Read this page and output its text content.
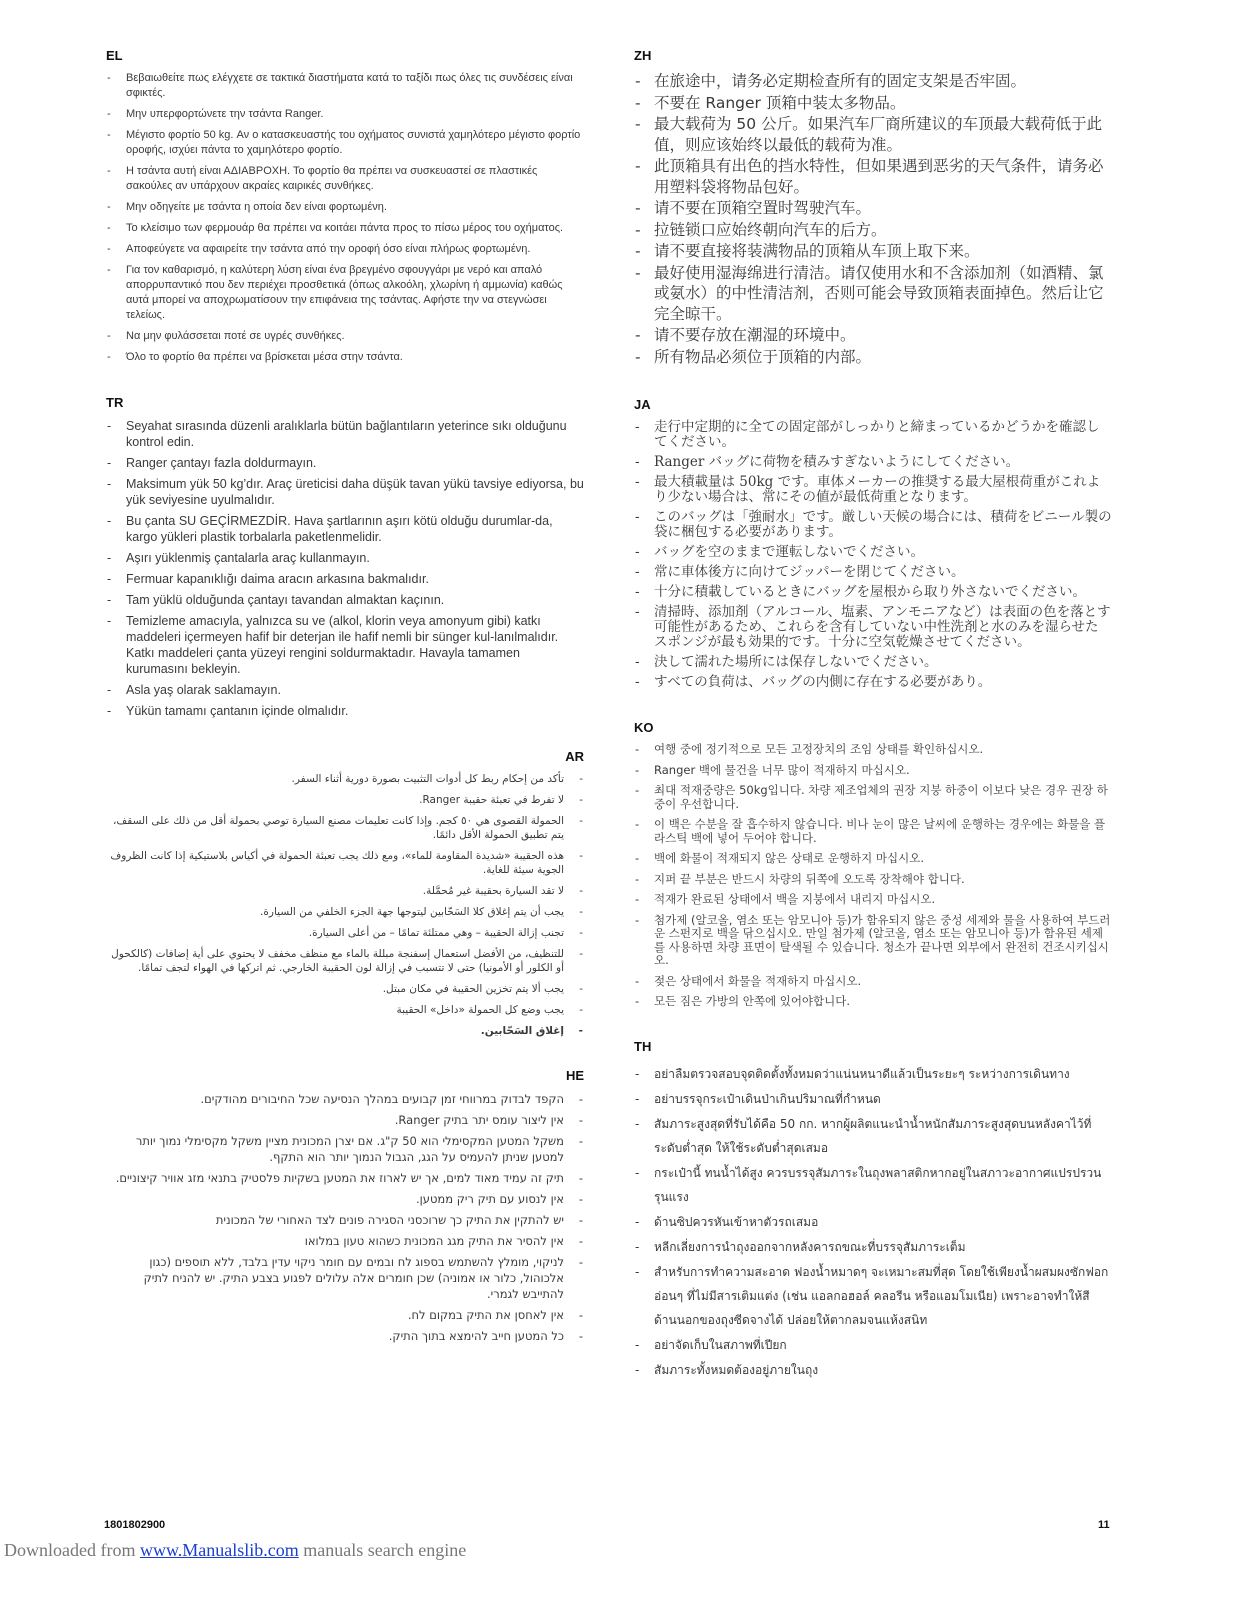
EL
- Βεβαιωθείτε πως ελέγχετε σε τακτικά διαστήματα κατά το ταξίδι πως όλες τις συνδέσεις είναι σφικτές.
- Μην υπερφορτώνετε την τσάντα Ranger.
- Μέγιστο φορτίο 50 kg. Αν ο κατασκευαστής του οχήματος συνιστά χαμηλότερο μέγιστο φορτίο οροφής, ισχύει πάντα το χαμηλότερο φορτίο.
- Η τσάντα αυτή είναι ΑΔΙΑΒΡΟΧΗ. Το φορτίο θα πρέπει να συσκευαστεί σε πλαστικές σακούλες αν υπάρχουν ακραίες καιρικές συνθήκες.
- Μην οδηγείτε με τσάντα η οποία δεν είναι φορτωμένη.
- Το κλείσιμο των φερμουάρ θα πρέπει να κοιτάει πάντα προς το πίσω μέρος του οχήματος.
- Αποφεύγετε να αφαιρείτε την τσάντα από την οροφή όσο είναι πλήρως φορτωμένη.
- Για τον καθαρισμό, η καλύτερη λύση είναι ένα βρεγμένο σφουγγάρι με νερό και απαλό απορρυπαντικό που δεν περιέχει προσθετικά (όπως αλκοόλη, χλωρίνη ή αμμωνία) καθώς αυτά μπορεί να αποχρωματίσουν την επιφάνεια της τσάντας. Αφήστε την να στεγνώσει τελείως.
- Να μην φυλάσσεται ποτέ σε υγρές συνθήκες.
- Όλο το φορτίο θα πρέπει να βρίσκεται μέσα στην τσάντα.
TR
- Seyahat sırasında düzenli aralıklarla bütün bağlantıların yeterince sıkı olduğunu kontrol edin.
- Ranger çantayı fazla doldurmayın.
- Maksimum yük 50 kg’dır. Araç üreticisi daha düşük tavan yükü tavsiye ediyorsa, bu yük seviyesine uyulmalıdır.
- Bu çanta SU GEÇİRMEZDİR. Hava şartlarının aşırı kötü olduğu durumlar-da, kargo yükleri plastik torbalarla paketlenmelidir.
- Aşırı yüklenmiş çantalarla araç kullanmayın.
- Fermuar kapanıklığı daima aracın arkasına bakmalıdır.
- Tam yüklü olduğunda çantayı tavandan almaktan kaçının.
- Temizleme amacıyla, yalnızca su ve (alkol, klorin veya amonyum gibi) katkı maddeleri içermeyen hafif bir deterjan ile hafif nemli bir sünger kul-lanılmalıdır. Katkı maddeleri çanta yüzeyi rengini soldurmaktadır. Havayla tamamen kurumasını bekleyin.
- Asla yaş olarak saklamayın.
- Yükün tamamı çantanın içinde olmalıdır.
AR
- تأكد من إحكام ربط كل أدوات التثبيت بصورة دورية أثناء السفر.
- لا تفرط في تعبئة حقيبة Ranger.
- الحمولة القصوى هي ٥٠ كجم. وإذا كانت تعليمات مصنع السيارة توصي بحمولة أقل من ذلك على السقف، يتم تطبيق الحمولة الأقل دائمًا.
- هذه الحقيبة «شديدة المقاومة للماء»، ومع ذلك يجب تعبئة الحمولة في أكياس بلاستيكية إذا كانت الظروف الجوية سيئة للغاية.
- لا تقد السيارة بحقيبة غير مُحمَّلة.
- يجب أن يتم إغلاق كلا السَحّابين ليتوجها جهة الجزء الخلفي من السيارة.
- تجنب إزالة الحقيبة – وهي ممتلئة تمامًا – من أعلى السيارة.
- للتنظيف، من الأفضل استعمال إسفنجة مبللة بالماء مع منظف مخفف لا يحتوي على أية إضافات (كالكحول أو الكلور أو الأمونيا) حتى لا تتسبب في إزالة لون الحقيبة الخارجي. ثم اتركها في الهواء لتجف تمامًا.
- يجب ألا يتم تخزين الحقيبة في مكان مبتل.
- يجب وضع كل الحمولة «داخل» الحقيبة
- إغلاق السَحّابين.
HE
- הקפד לבדוק במרווחי זמן קבועים במהלך הנסיעה שכל החיבורים מהודקים.
- אין ליצור עומס יתר בתיק Ranger.
- משקל המטען המקסימלי הוא 50 ק"ג. אם יצרן המכונית מציין משקל מקסימלי נמוך יותר למטען שניתן להעמיס על הגג, הגבול הנמוך יותר הוא התקף.
- תיק זה עמיד מאוד למים, אך יש לארוז את המטען בשקיות פלסטיק בתנאי מזג אוויר קיצוניים.
- אין לנסוע עם תיק ריק ממטען.
- יש להתקין את התיק כך שרוכסני הסגירה פונים לצד האחורי של המכונית
- אין להסיר את התיק מגג המכונית כשהוא טעון במלואו
- לניקוי, מומלץ להשתמש בספוג לח ובמים עם חומר ניקוי עדין בלבד, ללא תוספים (כגון אלכוהול, כלור או אמוניה) שכן חומרים אלה עלולים לפגוע בצבע התיק. יש להניח לתיק להתייבש לגמרי.
- אין לאחסן את התיק במקום לח.
- כל המטען חייב להימצא בתוך התיק.
ZH
- 在旅途中，请务必定期检查所有的固定支架是否牢固。
- 不要在 Ranger 顶箱中装太多物品。
- 最大载荷为 50 公斤。如果汽车厂商所建议的车顶最大载荷低于此值，则应该始终以最低的载荷为准。
- 此顶箱具有出色的挡水特性，但如果遇到恶劣的天气条件，请务必用塑料袋将物品包好。
- 请不要在顶箱空置时驾驶汽车。
- 拉链锁口应始终朝向汽车的后方。
- 请不要直接将装满物品的顶箱从车顶上取下来。
- 最好使用湿海绵进行清洁。请仅使用水和不含添加剂（如酒精、氯或氨水）的中性清洁剂，否则可能会导致顶箱表面掉色。然后让它完全晾干。
- 请不要存放在潮湿的环境中。
- 所有物品必须位于顶箱的内部。
JA
- 走行中定期的に全ての固定部がしっかりと締まっているかどうかを確認してください。
- Ranger バッグに荷物を積みすぎないようにしてください。
- 最大積載量は 50kg です。車体メーカーの推奨する最大屋根荷重がこれより少ない場合は、常にその値が最低荷重となります。
- このバッグは「強耐水」です。厳しい天候の場合には、積荷をビニール製の袋に梱包する必要があります。
- バッグを空のままで運転しないでください。
- 常に車体後方に向けてジッパーを閉じてください。
- 十分に積載しているときにバッグを屋根から取り外さないでください。
- 清掃時、添加剤（アルコール、塩素、アンモニアなど）は表面の色を落とす可能性があるため、これらを含有していない中性洗剤と水のみを湿らせたスポンジが最も効果的です。十分に空気乾燥させてください。
- 決して濡れた場所には保存しないでください。
- すべての負荷は、バッグの内側に存在する必要があり。
KO
- 여행 중에 정기적으로 모든 고정장치의 조임 상태를 확인하십시오.
- Ranger 백에 물건을 너무 많이 적재하지 마십시오.
- 최대 적재중량은 50kg입니다. 차량 제조업체의 권장 지붕 하중이 이보다 낮은 경우 권장 하중이 우선합니다.
- 이 백은 수분을 잘 흡수하지 않습니다. 비나 눈이 많은 날씨에 운행하는 경우에는 화물을 플라스틱 백에 넣어 두어야 합니다.
- 백에 화물이 적재되지 않은 상태로 운행하지 마십시오.
- 지퍼 끝 부분은 반드시 차량의 뒤쪽에 오도록 장착해야 합니다.
- 적재가 완료된 상태에서 백을 지붕에서 내리지 마십시오.
- 첨가제 (알코올, 염소 또는 암모니아 등)가 함유되지 않은 중성 세제와 물을 사용하여 부드러운 스펀지로 백을 닦으십시오. 만일 첨가제 (알코올, 염소 또는 암모니아 등)가 함유된 세제를 사용하면 차량 표면이 탈색될 수 있습니다. 청소가 끝나면 외부에서 완전히 건조시키십시오.
- 젖은 상태에서 화물을 적재하지 마십시오.
- 모든 짐은 가방의 안쪽에 있어야합니다.
TH
- อย่าลืมตรวจสอบจุดติดตั้งทั้งหมดว่าแน่นหนาดีแล้วเป็นระยะๆ ระหว่างการเดินทาง
- อย่าบรรจุกระเป๋าเดินป่าเกินปริมาณที่กำหนด
- สัมภาระสูงสุดที่รับได้คือ 50 กก. หากผู้ผลิตแนะนำน้ำหนักสัมภาระสูงสุดบนหลังคาไว้ที่ระดับต่ำสุด ให้ใช้ระดับต่ำสุดเสมอ
- กระเป๋านี้ ทนน้ำได้สูง ควรบรรจุสัมภาระในถุงพลาสติกหากอยู่ในสภาวะอากาศแปรปรวนรุนแรง
- ด้านซิปควรหันเข้าหาตัวรถเสมอ
- หลีกเลี่ยงการนำถุงออกจากหลังคารถขณะที่บรรจุสัมภาระเต็ม
- สำหรับการทำความสะอาด ฟองน้ำหมาดๆ จะเหมาะสมที่สุด โดยใช้เพียงน้ำผสมผงซักฟอกอ่อนๆ ที่ไม่มีสารเติมแต่ง (เช่น แอลกอฮอล์ คลอรีน หรือแอมโมเนีย) เพราะอาจทำให้สีด้านนอกของถุงซีดจางได้ ปล่อยให้ตากลมจนแห้งสนิท
- อย่าจัดเก็บในสภาพที่เปียก
- สัมภาระทั้งหมดต้องอยู่ภายในถุง
1801802900	11
Downloaded from www.Manualslib.com manuals search engine
